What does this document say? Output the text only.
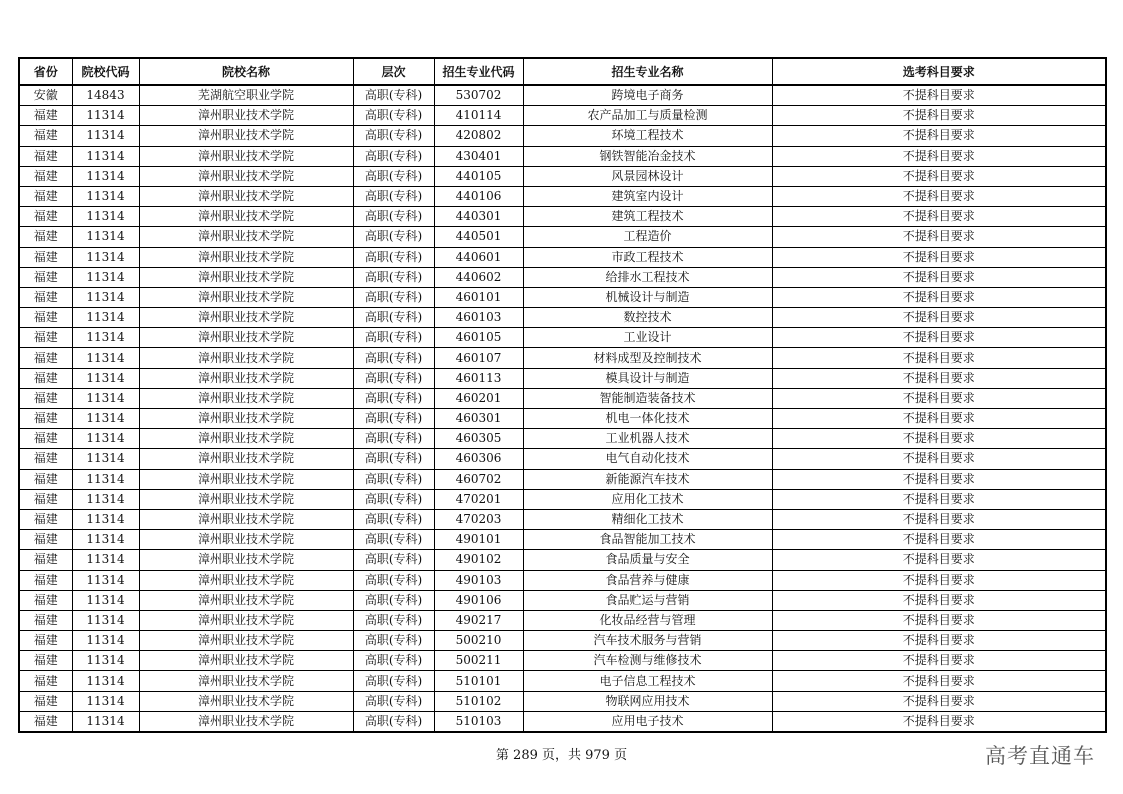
省份	院校代码	院校名称	层次	招生专业代码	招生专业名称	选考科目要求
安徽	14843	芜湖航空职业学院	高职(专科)	530702	跨境电子商务	不提科目要求
福建	11314	漳州职业技术学院	高职(专科)	410114	农产品加工与质量检测	不提科目要求
福建	11314	漳州职业技术学院	高职(专科)	420802	环境工程技术	不提科目要求
福建	11314	漳州职业技术学院	高职(专科)	430401	钢铁智能冶金技术	不提科目要求
福建	11314	漳州职业技术学院	高职(专科)	440105	风景园林设计	不提科目要求
福建	11314	漳州职业技术学院	高职(专科)	440106	建筑室内设计	不提科目要求
福建	11314	漳州职业技术学院	高职(专科)	440301	建筑工程技术	不提科目要求
福建	11314	漳州职业技术学院	高职(专科)	440501	工程造价	不提科目要求
福建	11314	漳州职业技术学院	高职(专科)	440601	市政工程技术	不提科目要求
福建	11314	漳州职业技术学院	高职(专科)	440602	给排水工程技术	不提科目要求
福建	11314	漳州职业技术学院	高职(专科)	460101	机械设计与制造	不提科目要求
福建	11314	漳州职业技术学院	高职(专科)	460103	数控技术	不提科目要求
福建	11314	漳州职业技术学院	高职(专科)	460105	工业设计	不提科目要求
福建	11314	漳州职业技术学院	高职(专科)	460107	材料成型及控制技术	不提科目要求
福建	11314	漳州职业技术学院	高职(专科)	460113	模具设计与制造	不提科目要求
福建	11314	漳州职业技术学院	高职(专科)	460201	智能制造装备技术	不提科目要求
福建	11314	漳州职业技术学院	高职(专科)	460301	机电一体化技术	不提科目要求
福建	11314	漳州职业技术学院	高职(专科)	460305	工业机器人技术	不提科目要求
福建	11314	漳州职业技术学院	高职(专科)	460306	电气自动化技术	不提科目要求
福建	11314	漳州职业技术学院	高职(专科)	460702	新能源汽车技术	不提科目要求
福建	11314	漳州职业技术学院	高职(专科)	470201	应用化工技术	不提科目要求
福建	11314	漳州职业技术学院	高职(专科)	470203	精细化工技术	不提科目要求
福建	11314	漳州职业技术学院	高职(专科)	490101	食品智能加工技术	不提科目要求
福建	11314	漳州职业技术学院	高职(专科)	490102	食品质量与安全	不提科目要求
福建	11314	漳州职业技术学院	高职(专科)	490103	食品营养与健康	不提科目要求
福建	11314	漳州职业技术学院	高职(专科)	490106	食品贮运与营销	不提科目要求
福建	11314	漳州职业技术学院	高职(专科)	490217	化妆品经营与管理	不提科目要求
福建	11314	漳州职业技术学院	高职(专科)	500210	汽车技术服务与营销	不提科目要求
福建	11314	漳州职业技术学院	高职(专科)	500211	汽车检测与维修技术	不提科目要求
福建	11314	漳州职业技术学院	高职(专科)	510101	电子信息工程技术	不提科目要求
福建	11314	漳州职业技术学院	高职(专科)	510102	物联网应用技术	不提科目要求
福建	11314	漳州职业技术学院	高职(专科)	510103	应用电子技术	不提科目要求
第 289 页，共 979 页	高考直通车
